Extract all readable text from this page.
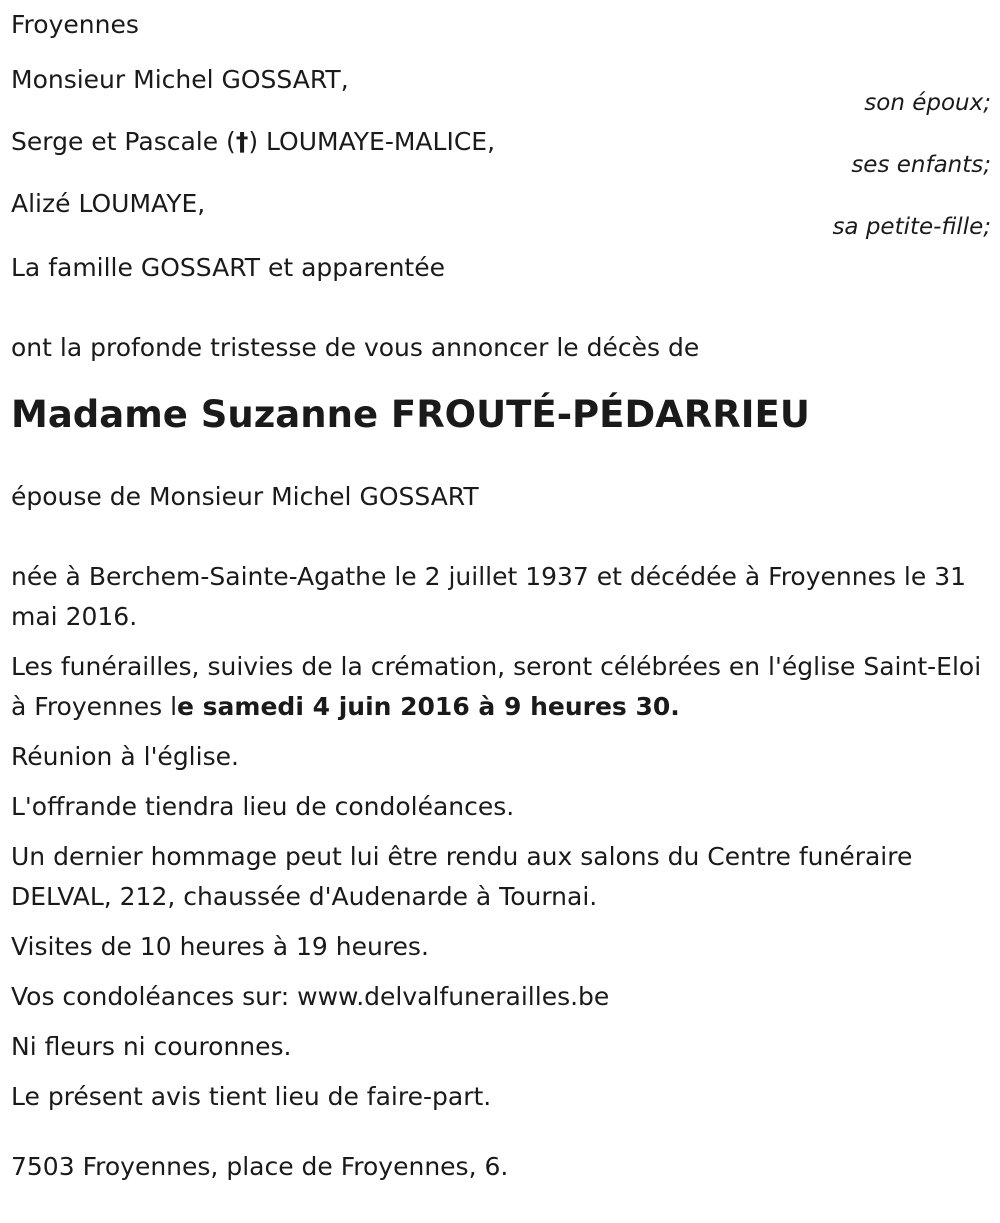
Froyennes
Monsieur Michel GOSSART,
son époux;
Serge et Pascale (†) LOUMAYE-MALICE,
ses enfants;
Alizé LOUMAYE,
sa petite-fille;
La famille GOSSART et apparentée
ont la profonde tristesse de vous annoncer le décès de
Madame Suzanne FROUTÉ-PÉDARRIEU
épouse de Monsieur Michel GOSSART

née à Berchem-Sainte-Agathe le 2 juillet 1937 et décédée à Froyennes le 31 mai 2016.

Les funérailles, suivies de la crémation, seront célébrées en l'église Saint-Eloi à Froyennes le samedi 4 juin 2016 à 9 heures 30.

Réunion à l'église.

L'offrande tiendra lieu de condoléances.

Un dernier hommage peut lui être rendu aux salons du Centre funéraire DELVAL, 212, chaussée d'Audenarde à Tournai.

Visites de 10 heures à 19 heures.

Vos condoléances sur: www.delvalfunerailles.be

Ni fleurs ni couronnes.

Le présent avis tient lieu de faire-part.

7503 Froyennes, place de Froyennes, 6.
